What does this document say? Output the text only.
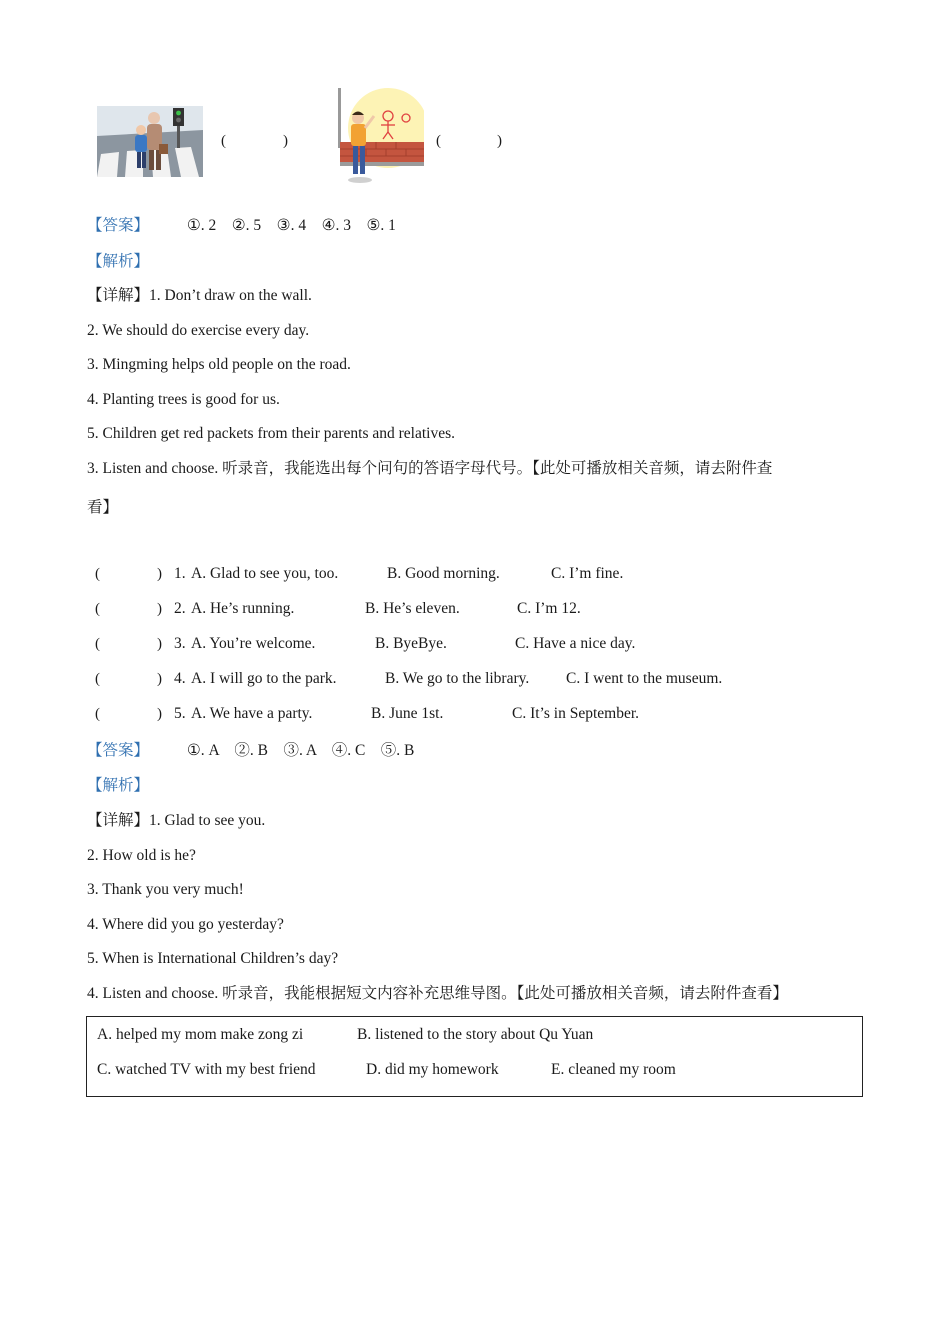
(	)	(	)
【答案】 ①. 2　②. 5　③. 4　④. 3　⑤. 1
【解析】
【详解】1. Don’t draw on the wall.
2. We should do exercise every day.
3. Mingming helps old people on the road.
4. Planting trees is good for us.
5. Children get red packets from their parents and relatives.
3. Listen and choose. 听录音，我能选出每个问句的答语字母代号。【此处可播放相关音频，请去附件查
看】
(	) 1. A. Glad to see you, too.	B. Good morning.	C. I’m fine.
(	) 2. A. He’s running.	B. He’s eleven.	C. I’m 12.
(	) 3. A. You’re welcome.	B. ByeBye.	C. Have a nice day.
(	) 4. A. I will go to the park.	B. We go to the library. C. I went to the museum.
(	) 5. A. We have a party.	B. June 1st.	C. It’s in September.
【答案】 ①. A　②. B　③. A　④. C　⑤. B
【解析】
【详解】1. Glad to see you.
2. How old is he?
3. Thank you very much!
4. Where did you go yesterday?
5. When is International Children’s day?
4. Listen and choose. 听录音，我能根据短文内容补充思维导图。【此处可播放相关音频，请去附件查看】
A. helped my mom make zong zi	B. listened to the story about Qu Yuan
C. watched TV with my best friend	D. did my homework	E. cleaned my room
